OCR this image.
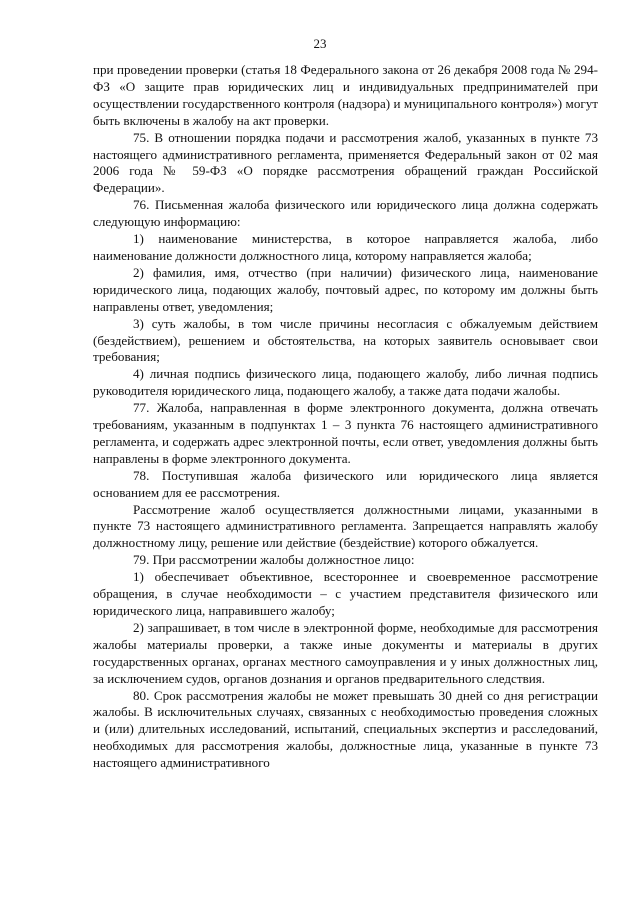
23

при проведении проверки (статья 18 Федерального закона от 26 декабря 2008 года № 294-ФЗ «О защите прав юридических лиц и индивидуальных предпринимателей при осуществлении государственного контроля (надзора) и муниципального контроля») могут быть включены в жалобу на акт проверки.

75. В отношении порядка подачи и рассмотрения жалоб, указанных в пункте 73 настоящего административного регламента, применяется Федеральный закон от 02 мая 2006 года № 59-ФЗ «О порядке рассмотрения обращений граждан Российской Федерации».

76. Письменная жалоба физического или юридического лица должна содержать следующую информацию:

1) наименование министерства, в которое направляется жалоба, либо наименование должности должностного лица, которому направляется жалоба;

2) фамилия, имя, отчество (при наличии) физического лица, наименование юридического лица, подающих жалобу, почтовый адрес, по которому им должны быть направлены ответ, уведомления;

3) суть жалобы, в том числе причины несогласия с обжалуемым действием (бездействием), решением и обстоятельства, на которых заявитель основывает свои требования;

4) личная подпись физического лица, подающего жалобу, либо личная подпись руководителя юридического лица, подающего жалобу, а также дата подачи жалобы.

77. Жалоба, направленная в форме электронного документа, должна отвечать требованиям, указанным в подпунктах 1 – 3 пункта 76 настоящего административного регламента, и содержать адрес электронной почты, если ответ, уведомления должны быть направлены в форме электронного документа.

78. Поступившая жалоба физического или юридического лица является основанием для ее рассмотрения.

Рассмотрение жалоб осуществляется должностными лицами, указанными в пункте 73 настоящего административного регламента. Запрещается направлять жалобу должностному лицу, решение или действие (бездействие) которого обжалуется.

79. При рассмотрении жалобы должностное лицо:

1) обеспечивает объективное, всестороннее и своевременное рассмотрение обращения, в случае необходимости – с участием представителя физического или юридического лица, направившего жалобу;

2) запрашивает, в том числе в электронной форме, необходимые для рассмотрения жалобы материалы проверки, а также иные документы и материалы в других государственных органах, органах местного самоуправления и у иных должностных лиц, за исключением судов, органов дознания и органов предварительного следствия.

80. Срок рассмотрения жалобы не может превышать 30 дней со дня регистрации жалобы. В исключительных случаях, связанных с необходимостью проведения сложных и (или) длительных исследований, испытаний, специальных экспертиз и расследований, необходимых для рассмотрения жалобы, должностные лица, указанные в пункте 73 настоящего административного
